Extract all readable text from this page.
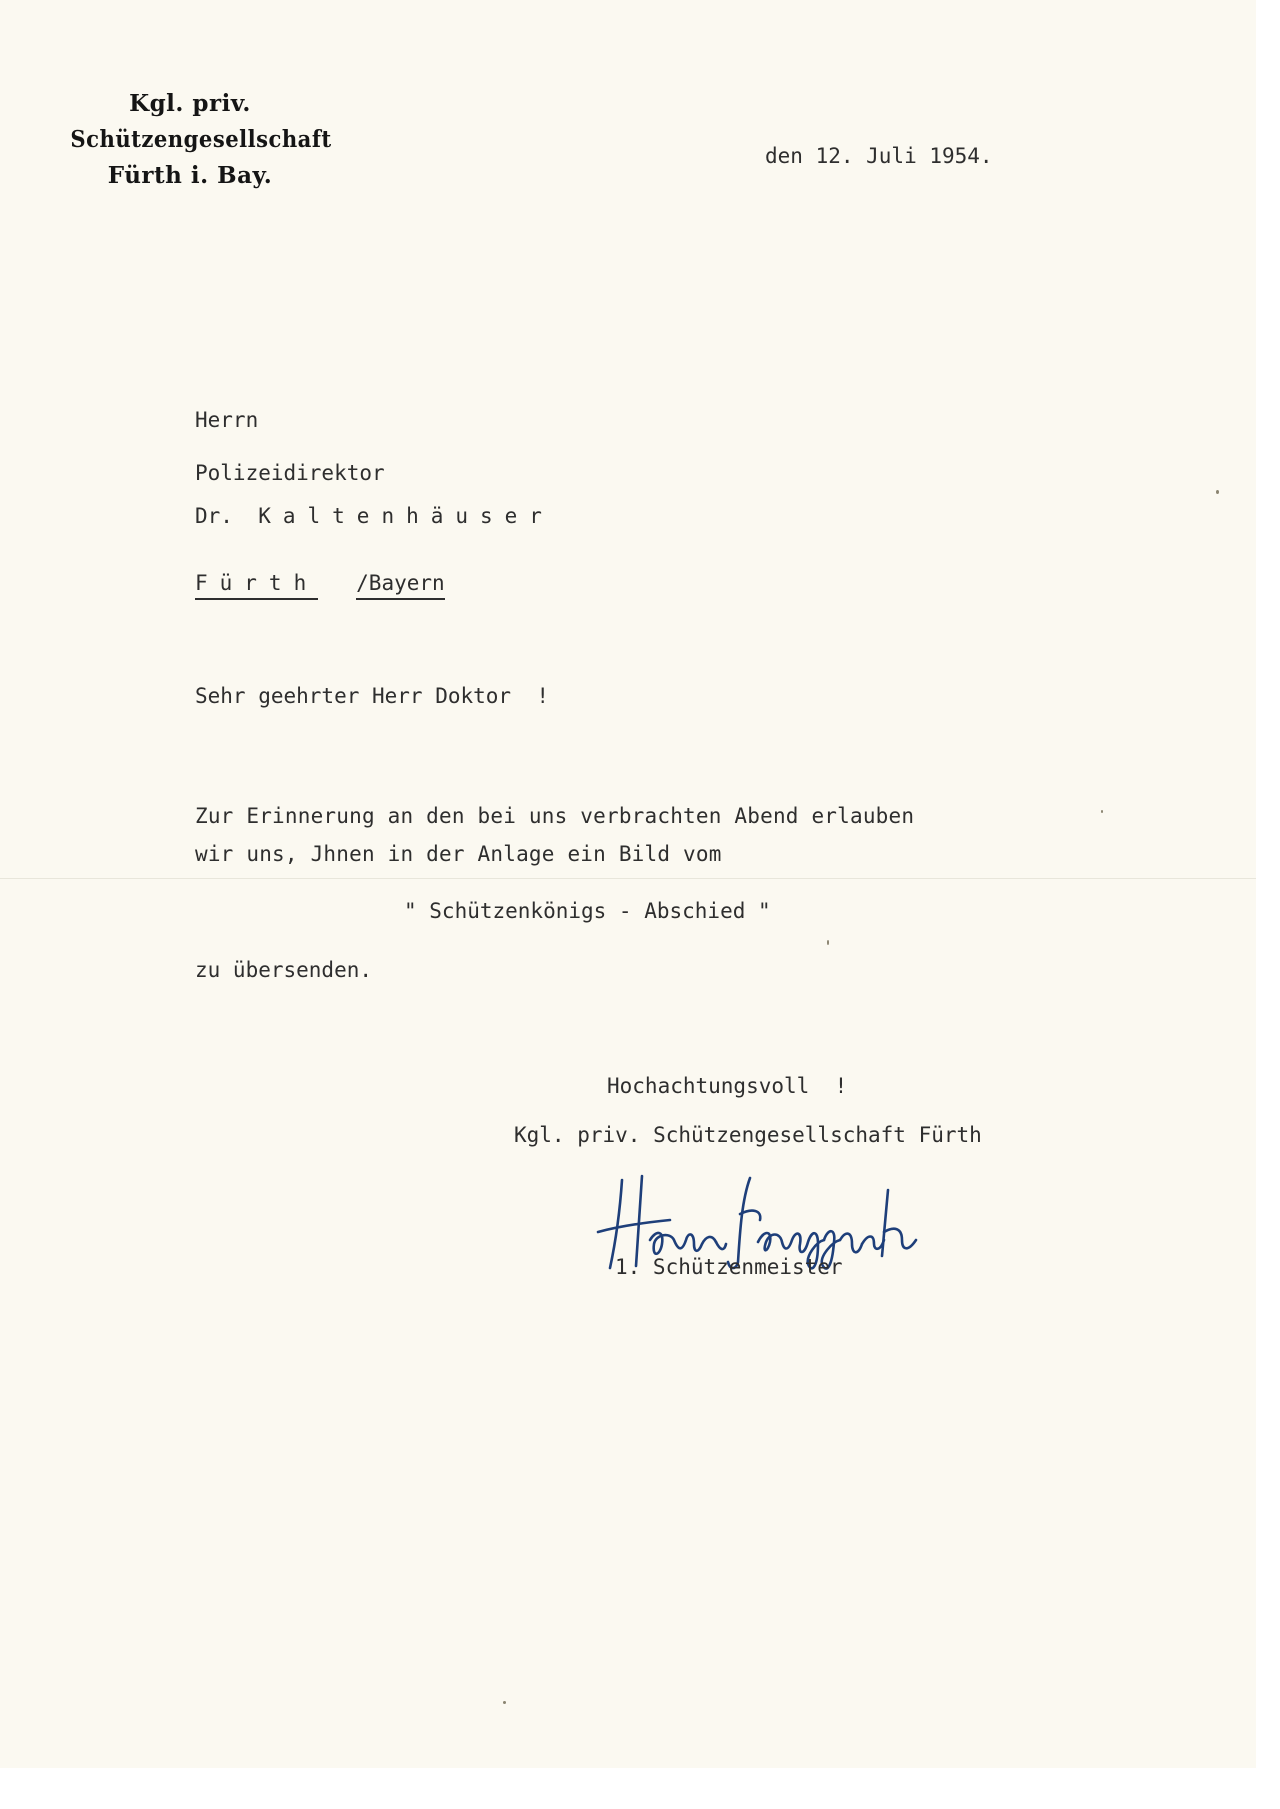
Kgl. priv.
Schützengesellschaft
Fürth i. Bay.
den 12. Juli 1954.
Herrn
Polizeidirektor
Dr. Kaltenhäuser
Fürth /Bayern
Sehr geehrter Herr Doktor  !
Zur Erinnerung an den bei uns verbrachten Abend erlauben
wir uns, Jhnen in der Anlage ein Bild vom
" Schützenkönigs - Abschied "
zu übersenden.
Hochachtungsvoll  !
Kgl. priv. Schützengesellschaft Fürth
1. Schützenmeister
